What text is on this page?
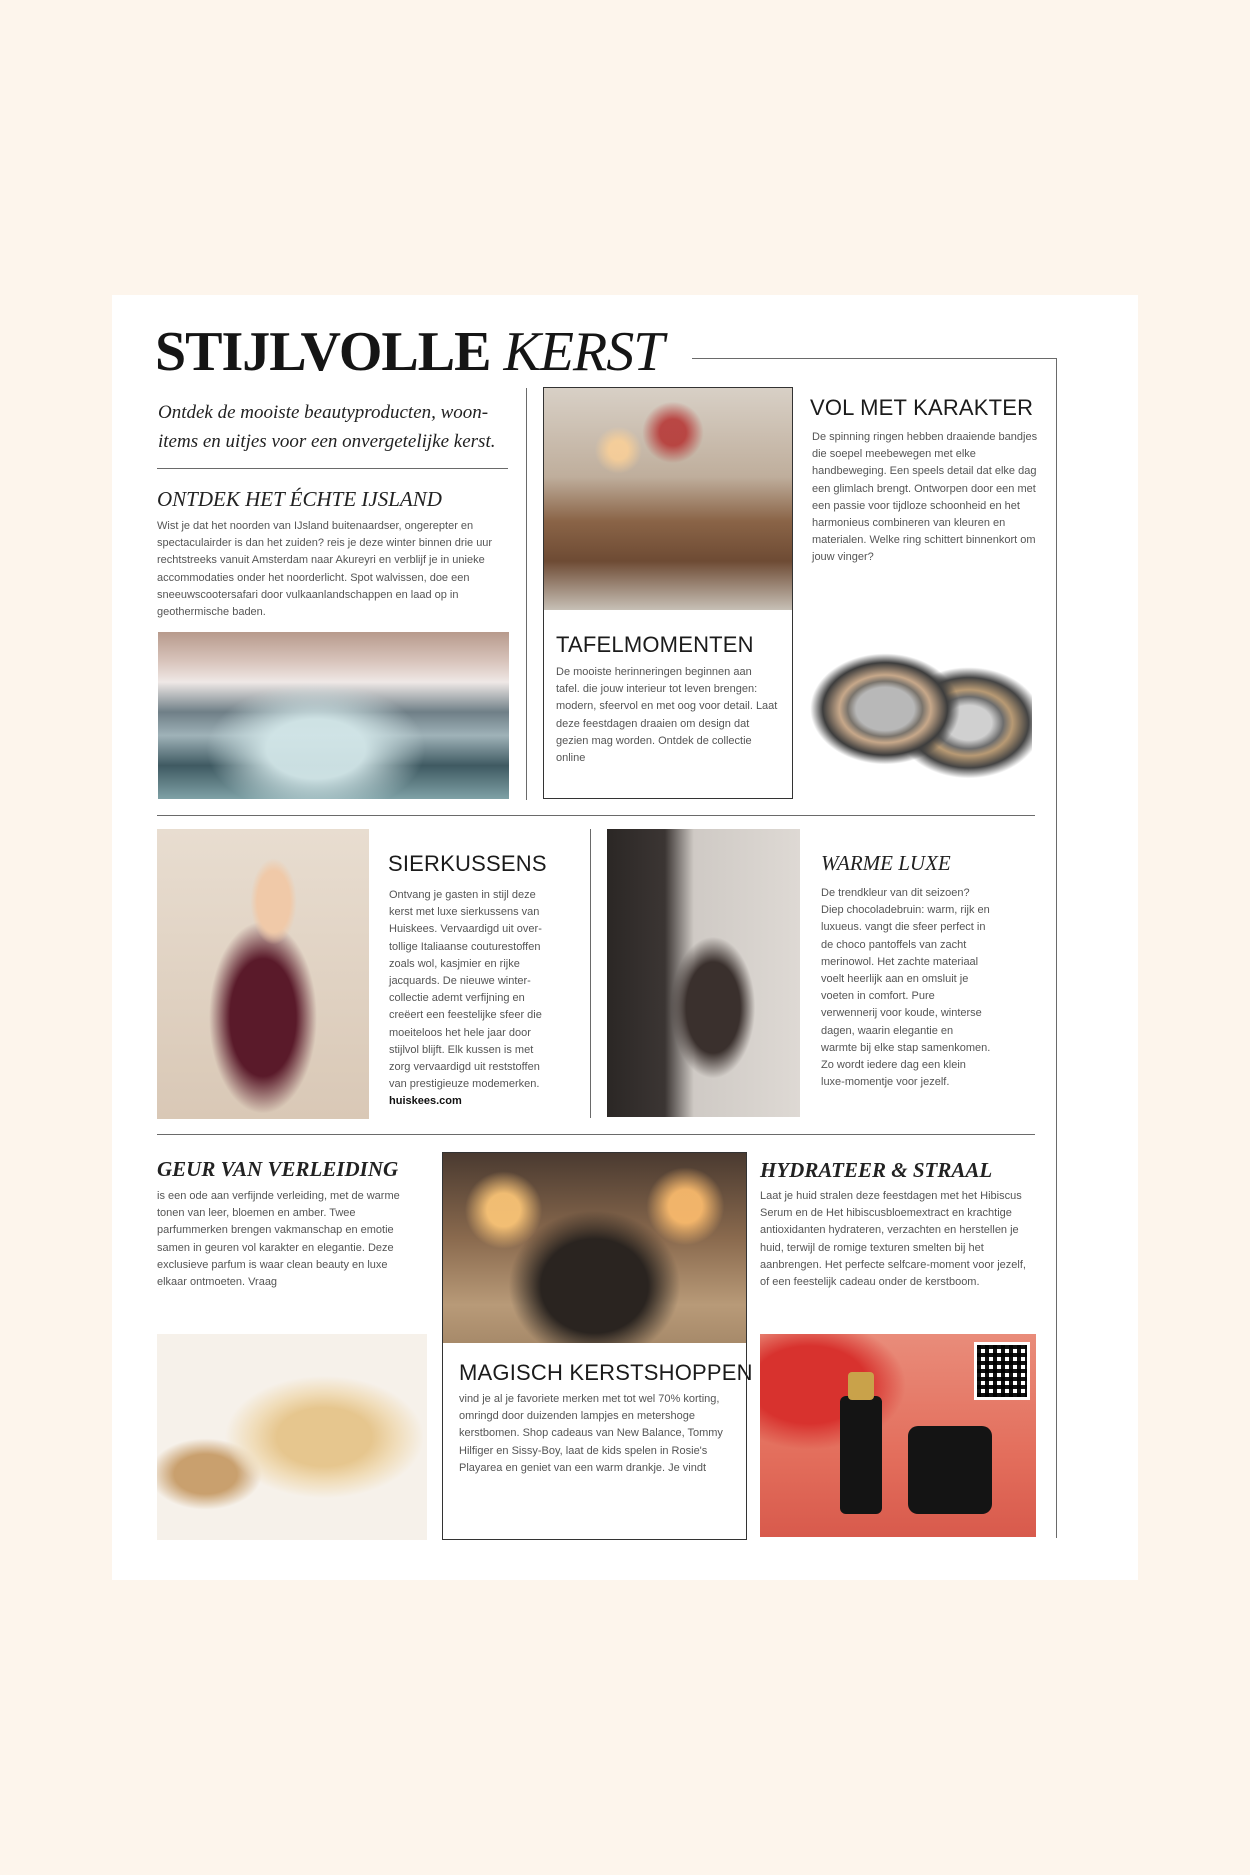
STIJLVOLLE KERST
Ontdek de mooiste beautyproducten, woon-items en uitjes voor een onvergetelijke kerst.
ONTDEK HET ÉCHTE IJSLAND
Wist je dat het noorden van IJsland buitenaardser, ongerepter en spectaculairder is dan het zuiden? reis je deze winter binnen drie uur rechtstreeks vanuit Amsterdam naar Akureyri en verblijf je in unieke accommodaties onder het noorderlicht. Spot walvissen, doe een sneeuwscootersafari door vulkaanlandschappen en laad op in geothermische baden.
TAFELMOMENTEN
De mooiste herinneringen beginnen aan tafel. die jouw interieur tot leven brengen: modern, sfeervol en met oog voor detail. Laat deze feestdagen draaien om design dat gezien mag worden. Ontdek de collectie online
VOL MET KARAKTER
De spinning ringen hebben draaiende bandjes die soepel meebewegen met elke handbeweging. Een speels detail dat elke dag een glimlach brengt. Ontworpen door een met een passie voor tijdloze schoonheid en het harmonieus combineren van kleuren en materialen. Welke ring schittert binnenkort om jouw vinger?
SIERKUSSENS
Ontvang je gasten in stijl deze kerst met luxe sierkussens van Huiskees. Vervaardigd uit over-tollige Italiaanse couturestoffen zoals wol, kasjmier en rijke jacquards. De nieuwe winter-collectie ademt verfijning en creëert een feestelijke sfeer die moeiteloos het hele jaar door stijlvol blijft. Elk kussen is met zorg vervaardigd uit reststoffen van prestigieuze modemerken.
huiskees.com
WARME LUXE
De trendkleur van dit seizoen? Diep chocoladebruin: warm, rijk en luxueus. vangt die sfeer perfect in de choco pantoffels van zacht merinowol. Het zachte materiaal voelt heerlijk aan en omsluit je voeten in comfort. Pure verwennerij voor koude, winterse dagen, waarin elegantie en warmte bij elke stap samenkomen. Zo wordt iedere dag een klein luxe-momentje voor jezelf.
GEUR VAN VERLEIDING
is een ode aan verfijnde verleiding, met de warme tonen van leer, bloemen en amber. Twee parfummerken brengen vakmanschap en emotie samen in geuren vol karakter en elegantie. Deze exclusieve parfum is waar clean beauty en luxe elkaar ontmoeten. Vraag
MAGISCH KERSTSHOPPEN
vind je al je favoriete merken met tot wel 70% korting, omringd door duizenden lampjes en metershoge kerstbomen. Shop cadeaus van New Balance, Tommy Hilfiger en Sissy-Boy, laat de kids spelen in Rosie's Playarea en geniet van een warm drankje. Je vindt
HYDRATEER & STRAAL
Laat je huid stralen deze feestdagen met het Hibiscus Serum en de Het hibiscusbloemextract en krachtige antioxidanten hydrateren, verzachten en herstellen je huid, terwijl de romige texturen smelten bij het aanbrengen. Het perfecte selfcare-moment voor jezelf, of een feestelijk cadeau onder de kerstboom.
